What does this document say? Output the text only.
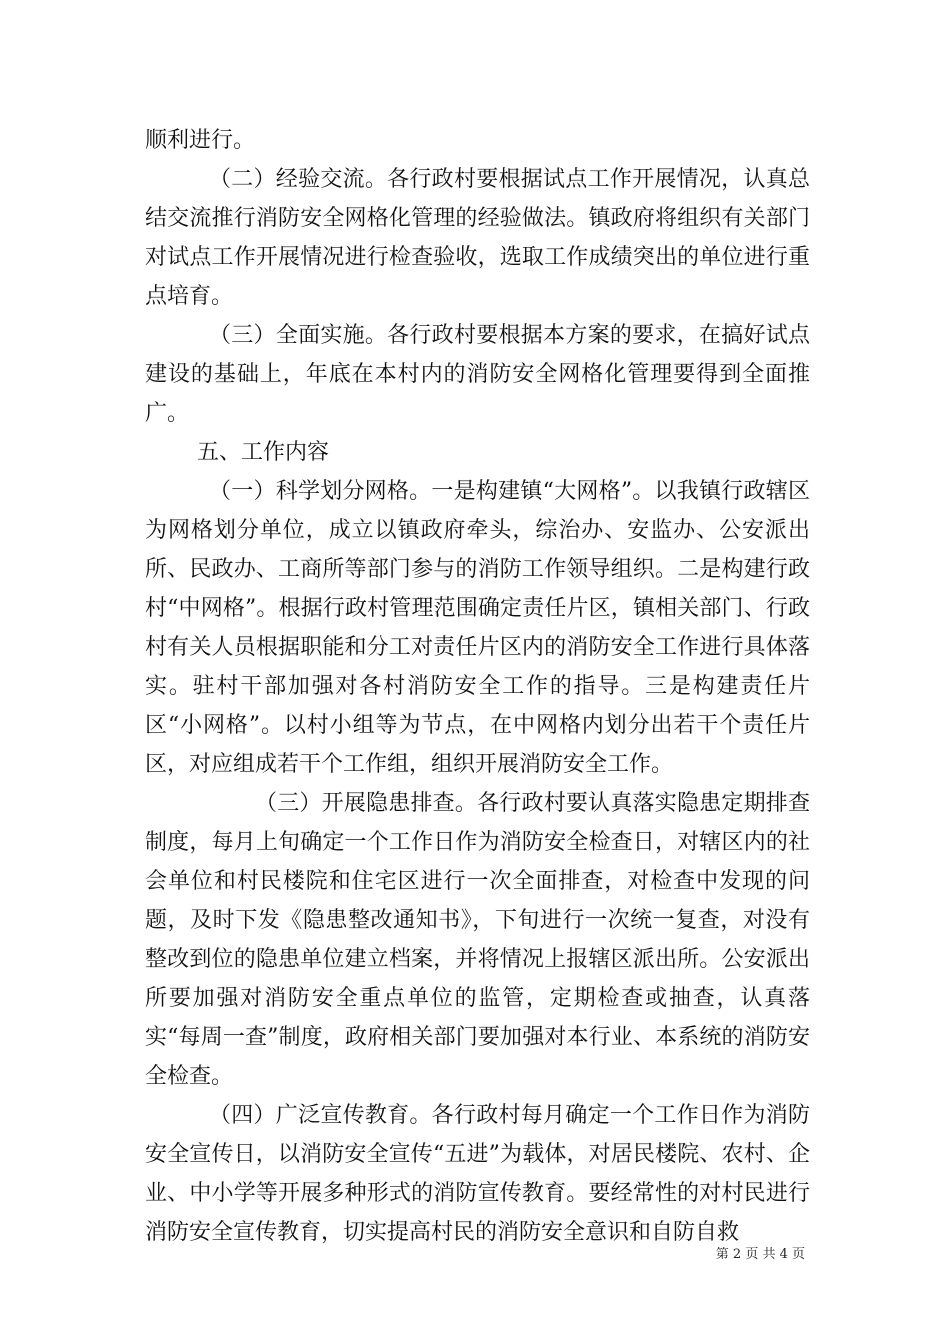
顺利进行。

（二）经验交流。各行政村要根据试点工作开展情况，认真总结交流推行消防安全网格化管理的经验做法。镇政府将组织有关部门对试点工作开展情况进行检查验收，选取工作成绩突出的单位进行重点培育。

（三）全面实施。各行政村要根据本方案的要求，在搞好试点建设的基础上，年底在本村内的消防安全网格化管理要得到全面推广。

五、工作内容

（一）科学划分网格。一是构建镇“大网格”。以我镇行政辖区为网格划分单位，成立以镇政府牵头，综治办、安监办、公安派出所、民政办、工商所等部门参与的消防工作领导组织。二是构建行政村“中网格”。根据行政村管理范围确定责任片区，镇相关部门、行政村有关人员根据职能和分工对责任片区内的消防安全工作进行具体落实。驻村干部加强对各村消防安全工作的指导。三是构建责任片区“小网格”。以村小组等为节点，在中网格内划分出若干个责任片区，对应组成若干个工作组，组织开展消防安全工作。

（三）开展隐患排查。各行政村要认真落实隐患定期排查制度，每月上旬确定一个工作日作为消防安全检查日，对辖区内的社会单位和村民楼院和住宅区进行一次全面排查，对检查中发现的问题，及时下发《隐患整改通知书》，下旬进行一次统一复查，对没有整改到位的隐患单位建立档案，并将情况上报辖区派出所。公安派出所要加强对消防安全重点单位的监管，定期检查或抽查，认真落实“每周一查”制度，政府相关部门要加强对本行业、本系统的消防安全检查。

（四）广泛宣传教育。各行政村每月确定一个工作日作为消防安全宣传日，以消防安全宣传“五进”为载体，对居民楼院、农村、企业、中小学等开展多种形式的消防宣传教育。要经常性的对村民进行消防安全宣传教育，切实提高村民的消防安全意识和自防自救

第 2 页 共 4 页
